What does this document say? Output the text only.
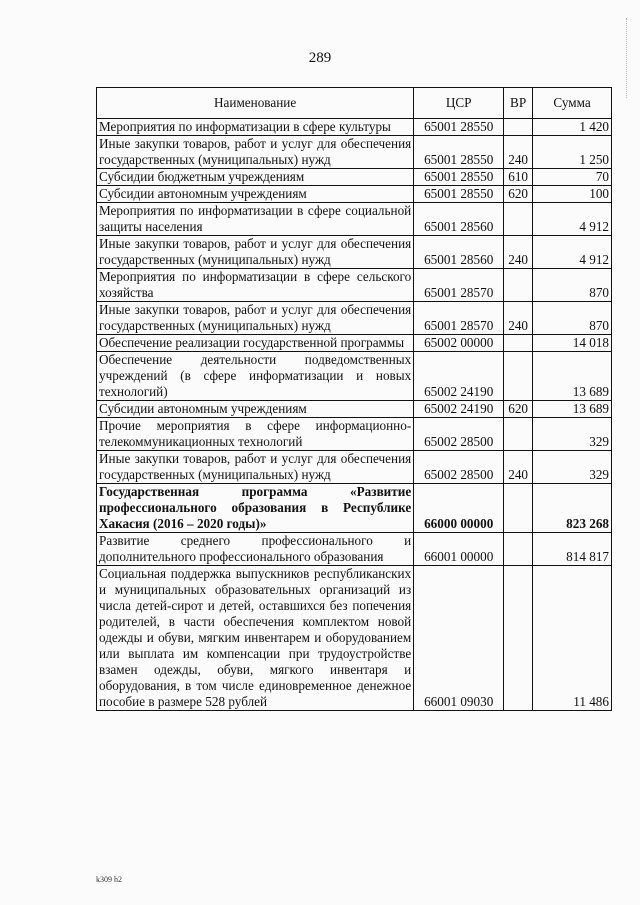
289
Наименование	ЦСР	ВР	Сумма
Мероприятия по информатизации в сфере культуры	65001 28550		1 420
Иные закупки товаров, работ и услуг для обеспечения государственных (муниципальных) нужд	65001 28550	240	1 250
Субсидии бюджетным учреждениям	65001 28550	610	70
Субсидии автономным учреждениям	65001 28550	620	100
Мероприятия по информатизации в сфере социальной защиты населения	65001 28560		4 912
Иные закупки товаров, работ и услуг для обеспечения государственных (муниципальных) нужд	65001 28560	240	4 912
Мероприятия по информатизации в сфере сельского хозяйства	65001 28570		870
Иные закупки товаров, работ и услуг для обеспечения государственных (муниципальных) нужд	65001 28570	240	870
Обеспечение реализации государственной программы	65002 00000		14 018
Обеспечение деятельности подведомственных учреждений (в сфере информатизации и новых технологий)	65002 24190		13 689
Субсидии автономным учреждениям	65002 24190	620	13 689
Прочие мероприятия в сфере информационно-телекоммуникационных технологий	65002 28500		329
Иные закупки товаров, работ и услуг для обеспечения государственных (муниципальных) нужд	65002 28500	240	329
Государственная программа «Развитие профессионального образования в Республике Хакасия (2016 – 2020 годы)»	66000 00000		823 268
Развитие среднего профессионального и дополнительного профессионального образования	66001 00000		814 817
Социальная поддержка выпускников республиканских и муниципальных образовательных организаций из числа детей-сирот и детей, оставшихся без попечения родителей, в части обеспечения комплектом новой одежды и обуви, мягким инвентарем и оборудованием или выплата им компенсации при трудоустройстве взамен одежды, обуви, мягкого инвентаря и оборудования, в том числе единовременное денежное пособие в размере 528 рублей	66001 09030		11 486
k309 h2
